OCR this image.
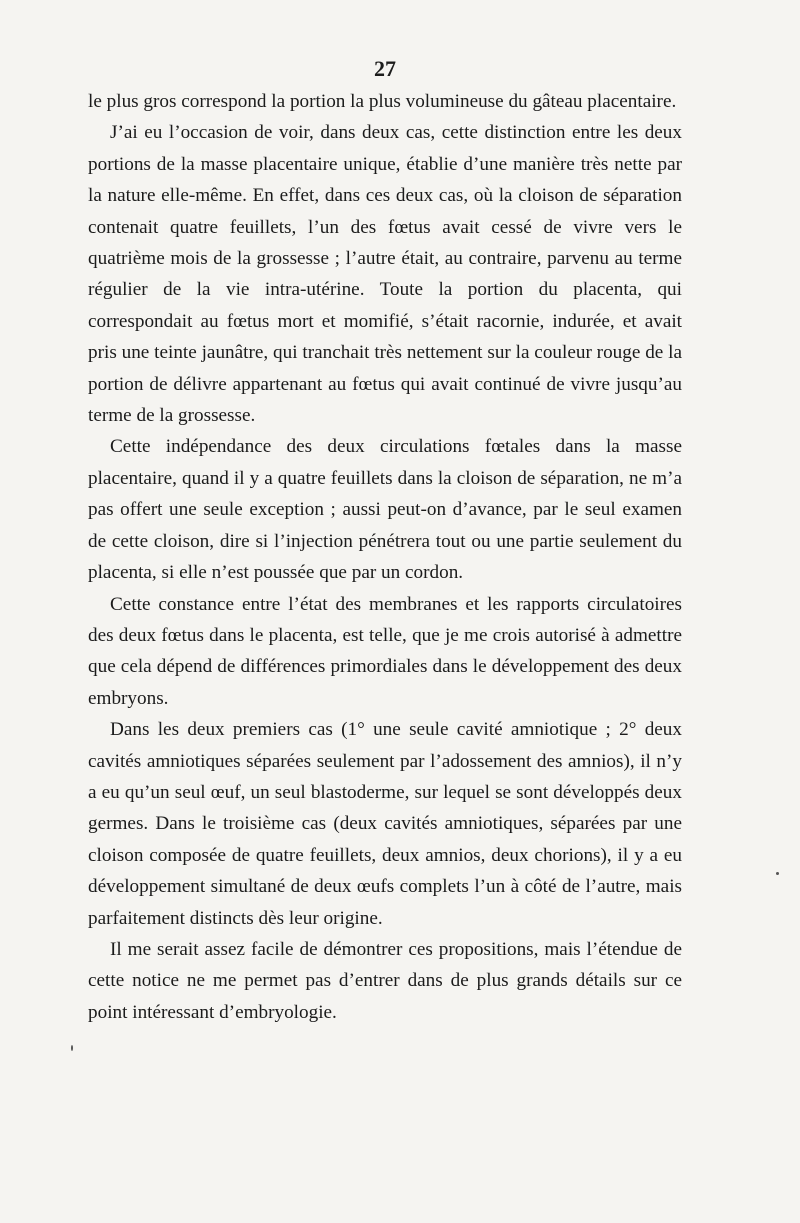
27

le plus gros correspond la portion la plus volumineuse du gâteau placentaire.

J’ai eu l’occasion de voir, dans deux cas, cette distinction entre les deux portions de la masse placentaire unique, établie d’une manière très nette par la nature elle-même. En effet, dans ces deux cas, où la cloison de séparation contenait quatre feuillets, l’un des fœtus avait cessé de vivre vers le quatrième mois de la grossesse ; l’autre était, au contraire, parvenu au terme régulier de la vie intra-utérine. Toute la portion du placenta, qui correspondait au fœtus mort et momifié, s’était racornie, indurée, et avait pris une teinte jaunâtre, qui tranchait très nettement sur la couleur rouge de la portion de délivre appartenant au fœtus qui avait continué de vivre jusqu’au terme de la grossesse.

Cette indépendance des deux circulations fœtales dans la masse placentaire, quand il y a quatre feuillets dans la cloison de séparation, ne m’a pas offert une seule exception ; aussi peut-on d’avance, par le seul examen de cette cloison, dire si l’injection pénétrera tout ou une partie seulement du placenta, si elle n’est poussée que par un cordon.

Cette constance entre l’état des membranes et les rapports circulatoires des deux fœtus dans le placenta, est telle, que je me crois autorisé à admettre que cela dépend de différences primordiales dans le développement des deux embryons.

Dans les deux premiers cas (1° une seule cavité amniotique ; 2° deux cavités amniotiques séparées seulement par l’adossement des amnios), il n’y a eu qu’un seul œuf, un seul blastoderme, sur lequel se sont développés deux germes. Dans le troisième cas (deux cavités amniotiques, séparées par une cloison composée de quatre feuillets, deux amnios, deux chorions), il y a eu développement simultané de deux œufs complets l’un à côté de l’autre, mais parfaitement distincts dès leur origine.

Il me serait assez facile de démontrer ces propositions, mais l’étendue de cette notice ne me permet pas d’entrer dans de plus grands détails sur ce point intéressant d’embryologie.
